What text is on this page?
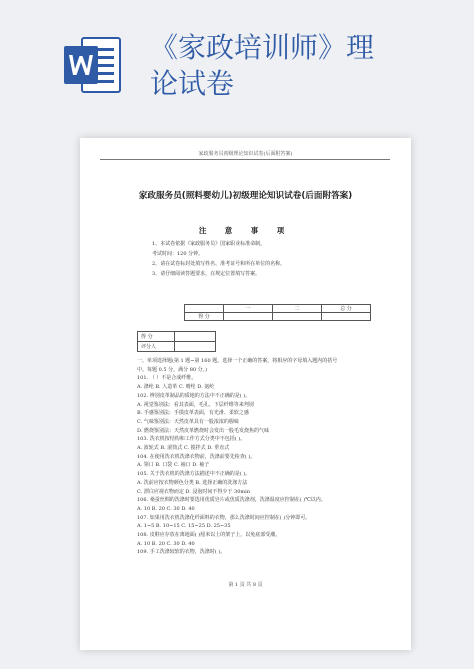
《家政培训师》理
论试卷
家政服务员初级理论知识试卷(后面附答案)
家政服务员(照料婴幼儿)初级理论知识试卷(后面附答案)
注 意 事 项
1、本试卷依据《家政服务员》国家职业标准命制。
考试时间：120 分钟。
2、请在试卷标封处填写姓名、准考证号和所在单位的名称。
3、请仔细阅读答题要求，在规定位置填写答案。
	一	二	总 分
得 分			
得 分	
评分人	
一、单项选择题(第 1 题~第 160 题。选择一个正确的答案，将相应的字母填入题内的括号
中。每题 0.5 分，满分 80 分。)
101. （ ）不是合成纤维。
A. 涤纶 B. 人造革 C. 晴纶 D. 氨纶
102. 辨别皮革制品的质地的方法中不正确的是( )。
A. 视觉鉴别法：看其表面，毛孔、下层纤维等来判别
B. 手感鉴别法：手摸皮革表面，有光滑、柔软之感
C. 气味鉴别法：天然皮革具有一股浓浓的腥味
D. 燃烧鉴别法：天然皮革燃烧时会发出一股毛发烧焦的气味
103. 洗衣机按结构和工作方式分类中不包括( )。
A. 波轮式 B. 滚筒式 C. 搅拌式 D. 垂直式
104. 在使用洗衣机洗涤衣物前，洗涤前要先检查( )。
A. 领口 B. 口袋 C. 袖口 D. 袖子
105. 关于洗衣机的洗涤方法描述中不正确的是( )。
A. 洗前应按衣物颜色分类 B. 选择正确的洗涤方法
C. 漂白应视衣物而定 D. 浸泡时间不得少于 30min
106. 桑蚕丝绸的洗涤时要选用优质皂片或优质洗涤剂，洗涤温度应控制在( )℃以内。
A. 10 B. 20 C. 30 D. 40
107. 如果用洗衣机洗涤化纤面料的衣物，那么洗涤时间应控制在( )分钟即可。
A. 1~5 B. 10~15 C. 15~25 D. 25~35
108. 皮鞋应存放在离地面( )厘米以上的架子上，以免底部受潮。
A. 10 B. 20 C. 30 D. 40
109. 手工洗涤较软的衣物，洗涤时( )。
第 1 页 共 8 页
